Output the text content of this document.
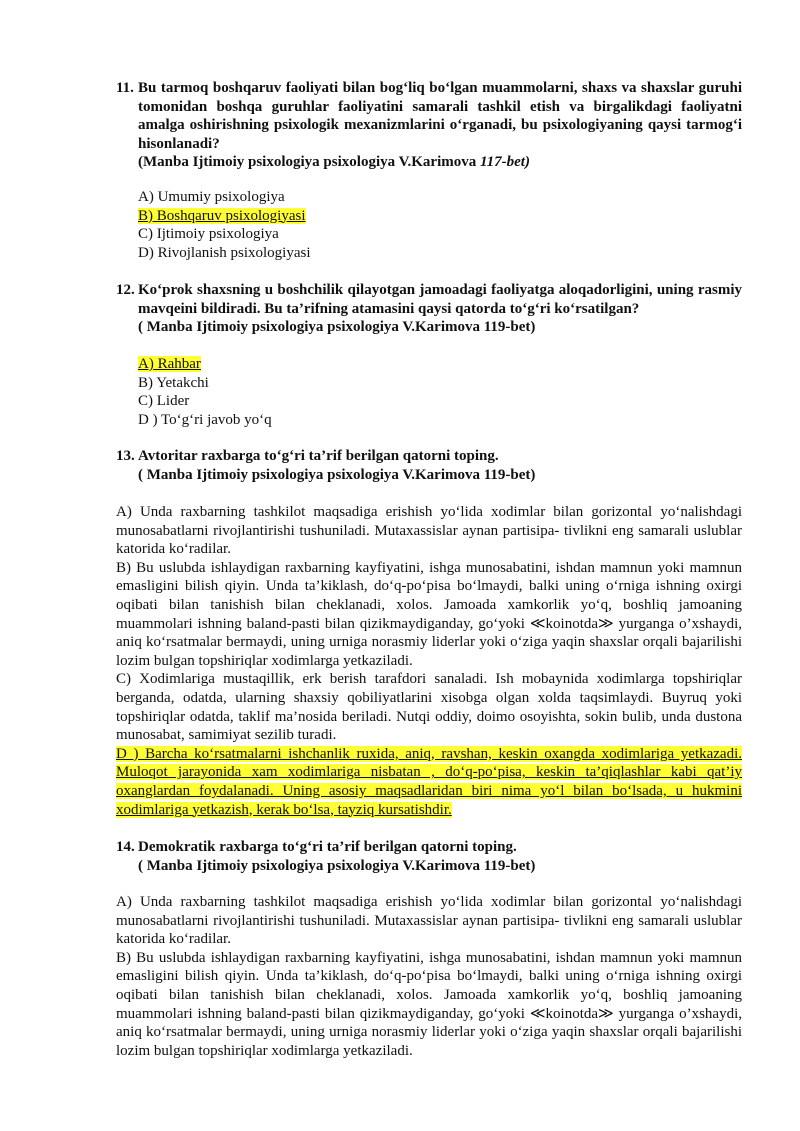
11. Bu tarmoq boshqaruv faoliyati bilan bog‘liq bo‘lgan muammolarni, shaxs va shaxslar guruhi tomonidan boshqa guruhlar faoliyatini samarali tashkil etish va birgalikdagi faoliyatni amalga oshirishning psixologik mexanizmlarini o‘rganadi, bu psixologiyaning qaysi tarmog‘i hisonlanadi?
(Manba Ijtimoiy psixologiya psixologiya V.Karimova 117-bet)
A) Umumiy psixologiya
B) Boshqaruv psixologiyasi
C) Ijtimoiy psixologiya
D) Rivojlanish psixologiyasi
12. Ko‘prok shaxsning u boshchilik qilayotgan jamoadagi faoliyatga aloqadorligini, uning rasmiy mavqeini bildiradi. Bu ta’rifning atamasini qaysi qatorda to‘g‘ri ko‘rsatilgan?
( Manba Ijtimoiy psixologiya psixologiya V.Karimova 119-bet)
A) Rahbar
B) Yetakchi
C) Lider
D ) To‘g‘ri javob yo‘q
13. Avtoritar raxbarga to‘g‘ri ta’rif berilgan qatorni toping.
( Manba Ijtimoiy psixologiya psixologiya V.Karimova 119-bet)
A) Unda raxbarning tashkilot maqsadiga erishish yo‘lida xodimlar bilan gorizontal yo‘nalishdagi munosabatlarni rivojlantirishi tushuniladi. Mutaxassislar aynan partisipa- tivlikni eng samarali uslublar katorida ko‘radilar.
B) Bu uslubda ishlaydigan raxbarning kayfiyatini, ishga munosabatini, ishdan mamnun yoki mamnun emasligini bilish qiyin. Unda ta’kiklash, do‘q-po‘pisa bo‘lmaydi, balki uning o‘rniga ishning oxirgi oqibati bilan tanishish bilan cheklanadi, xolos. Jamoada xamkorlik yo‘q, boshliq jamoaning muammolari ishning baland-pasti bilan qizikmaydiganday, go‘yoki ≪koinotda≫ yurganga o’xshaydi, aniq ko‘rsatmalar bermaydi, uning urniga norasmiy liderlar yoki o‘ziga yaqin shaxslar orqali bajarilishi lozim bulgan topshiriqlar xodimlarga yetkaziladi.
C) Xodimlariga mustaqillik, erk berish tarafdori sanaladi. Ish mobaynida xodimlarga topshiriqlar berganda, odatda, ularning shaxsiy qobiliyatlarini xisobga olgan xolda taqsimlaydi. Buyruq yoki topshiriqlar odatda, taklif ma’nosida beriladi. Nutqi oddiy, doimo osoyishta, sokin bulib, unda dustona munosabat, samimiyat sezilib turadi.
D ) Barcha ko‘rsatmalarni ishchanlik ruxida, aniq, ravshan, keskin oxangda xodimlariga yetkazadi. Muloqot jarayonida xam xodimlariga nisbatan , do‘q-po‘pisa, keskin ta’qiqlashlar kabi qat’iy oxanglardan foydalanadi. Uning asosiy maqsadlaridan biri nima yo‘l bilan bo‘lsada, u hukmini xodimlariga yetkazish, kerak bo‘lsa, tayziq kursatishdir.
14. Demokratik raxbarga to‘g‘ri ta’rif berilgan qatorni toping.
( Manba Ijtimoiy psixologiya psixologiya V.Karimova 119-bet)
A) Unda raxbarning tashkilot maqsadiga erishish yo‘lida xodimlar bilan gorizontal yo‘nalishdagi munosabatlarni rivojlantirishi tushuniladi. Mutaxassislar aynan partisipa- tivlikni eng samarali uslublar katorida ko‘radilar.
B) Bu uslubda ishlaydigan raxbarning kayfiyatini, ishga munosabatini, ishdan mamnun yoki mamnun emasligini bilish qiyin. Unda ta’kiklash, do‘q-po‘pisa bo‘lmaydi, balki uning o‘rniga ishning oxirgi oqibati bilan tanishish bilan cheklanadi, xolos. Jamoada xamkorlik yo‘q, boshliq jamoaning muammolari ishning baland-pasti bilan qizikmaydiganday, go‘yoki ≪koinotda≫ yurganga o’xshaydi, aniq ko‘rsatmalar bermaydi, uning urniga norasmiy liderlar yoki o‘ziga yaqin shaxslar orqali bajarilishi lozim bulgan topshiriqlar xodimlarga yetkaziladi.
